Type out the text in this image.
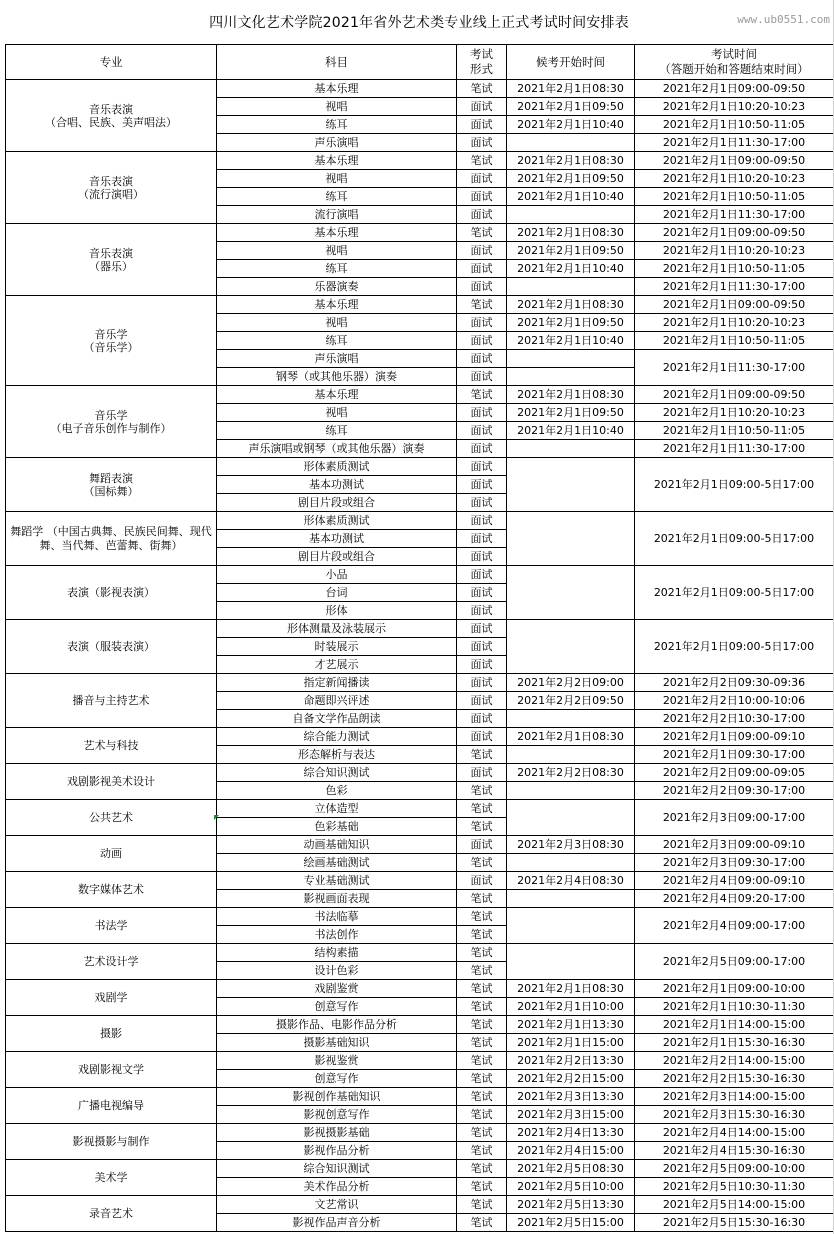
四川文化艺术学院2021年省外艺术类专业线上正式考试时间安排表	www.ub0551.com
专业	科目	考试
形式	候考开始时间	考试时间
（答题开始和答题结束时间）
音乐表演
（合唱、民族、美声唱法）	基本乐理	笔试	2021年2月1日08:30	2021年2月1日09:00-09:50
	视唱	面试	2021年2月1日09:50	2021年2月1日10:20-10:23
	练耳	面试	2021年2月1日10:40	2021年2月1日10:50-11:05
	声乐演唱	面试		2021年2月1日11:30-17:00
音乐表演
（流行演唱）	基本乐理	笔试	2021年2月1日08:30	2021年2月1日09:00-09:50
	视唱	面试	2021年2月1日09:50	2021年2月1日10:20-10:23
	练耳	面试	2021年2月1日10:40	2021年2月1日10:50-11:05
	流行演唱	面试		2021年2月1日11:30-17:00
音乐表演
（器乐）	基本乐理	笔试	2021年2月1日08:30	2021年2月1日09:00-09:50
	视唱	面试	2021年2月1日09:50	2021年2月1日10:20-10:23
	练耳	面试	2021年2月1日10:40	2021年2月1日10:50-11:05
	乐器演奏	面试		2021年2月1日11:30-17:00
音乐学
（音乐学）	基本乐理	笔试	2021年2月1日08:30	2021年2月1日09:00-09:50
	视唱	面试	2021年2月1日09:50	2021年2月1日10:20-10:23
	练耳	面试	2021年2月1日10:40	2021年2月1日10:50-11:05
	声乐演唱	面试		2021年2月1日11:30-17:00
	钢琴（或其他乐器）演奏	面试		
音乐学
（电子音乐创作与制作）	基本乐理	笔试	2021年2月1日08:30	2021年2月1日09:00-09:50
	视唱	面试	2021年2月1日09:50	2021年2月1日10:20-10:23
	练耳	面试	2021年2月1日10:40	2021年2月1日10:50-11:05
	声乐演唱或钢琴（或其他乐器）演奏	面试		2021年2月1日11:30-17:00
舞蹈表演
（国标舞）	形体素质测试	面试		2021年2月1日09:00-5日17:00
	基本功测试	面试		
	剧目片段或组合	面试		
舞蹈学 （中国古典舞、民族民间舞、现代舞、当代舞、芭蕾舞、街舞）	形体素质测试	面试		2021年2月1日09:00-5日17:00
	基本功测试	面试		
	剧目片段或组合	面试		
表演（影视表演）	小品	面试		2021年2月1日09:00-5日17:00
	台词	面试		
	形体	面试		
表演（服装表演）	形体测量及泳装展示	面试		2021年2月1日09:00-5日17:00
	时装展示	面试		
	才艺展示	面试		
播音与主持艺术	指定新闻播读	面试	2021年2月2日09:00	2021年2月2日09:30-09:36
	命题即兴评述	面试	2021年2月2日09:50	2021年2月2日10:00-10:06
	自备文学作品朗读	面试		2021年2月2日10:30-17:00
艺术与科技	综合能力测试	面试	2021年2月1日08:30	2021年2月1日09:00-09:10
	形态解析与表达	笔试		2021年2月1日09:30-17:00
戏剧影视美术设计	综合知识测试	面试	2021年2月2日08:30	2021年2月2日09:00-09:05
	色彩	笔试		2021年2月2日09:30-17:00
公共艺术	立体造型	笔试		2021年2月3日09:00-17:00
	色彩基础	笔试		
动画	动画基础知识	面试	2021年2月3日08:30	2021年2月3日09:00-09:10
	绘画基础测试	笔试		2021年2月3日09:30-17:00
数字媒体艺术	专业基础测试	面试	2021年2月4日08:30	2021年2月4日09:00-09:10
	影视画面表现	笔试		2021年2月4日09:20-17:00
书法学	书法临摹	笔试		2021年2月4日09:00-17:00
	书法创作	笔试		
艺术设计学	结构素描	笔试		2021年2月5日09:00-17:00
	设计色彩	笔试		
戏剧学	戏剧鉴赏	笔试	2021年2月1日08:30	2021年2月1日09:00-10:00
	创意写作	笔试	2021年2月1日10:00	2021年2月1日10:30-11:30
摄影	摄影作品、电影作品分析	笔试	2021年2月1日13:30	2021年2月1日14:00-15:00
	摄影基础知识	笔试	2021年2月1日15:00	2021年2月1日15:30-16:30
戏剧影视文学	影视鉴赏	笔试	2021年2月2日13:30	2021年2月2日14:00-15:00
	创意写作	笔试	2021年2月2日15:00	2021年2月2日15:30-16:30
广播电视编导	影视创作基础知识	笔试	2021年2月3日13:30	2021年2月3日14:00-15:00
	影视创意写作	笔试	2021年2月3日15:00	2021年2月3日15:30-16:30
影视摄影与制作	影视摄影基础	笔试	2021年2月4日13:30	2021年2月4日14:00-15:00
	影视作品分析	笔试	2021年2月4日15:00	2021年2月4日15:30-16:30
美术学	综合知识测试	笔试	2021年2月5日08:30	2021年2月5日09:00-10:00
	美术作品分析	笔试	2021年2月5日10:00	2021年2月5日10:30-11:30
录音艺术	文艺常识	笔试	2021年2月5日13:30	2021年2月5日14:00-15:00
	影视作品声音分析	笔试	2021年2月5日15:00	2021年2月5日15:30-16:30
